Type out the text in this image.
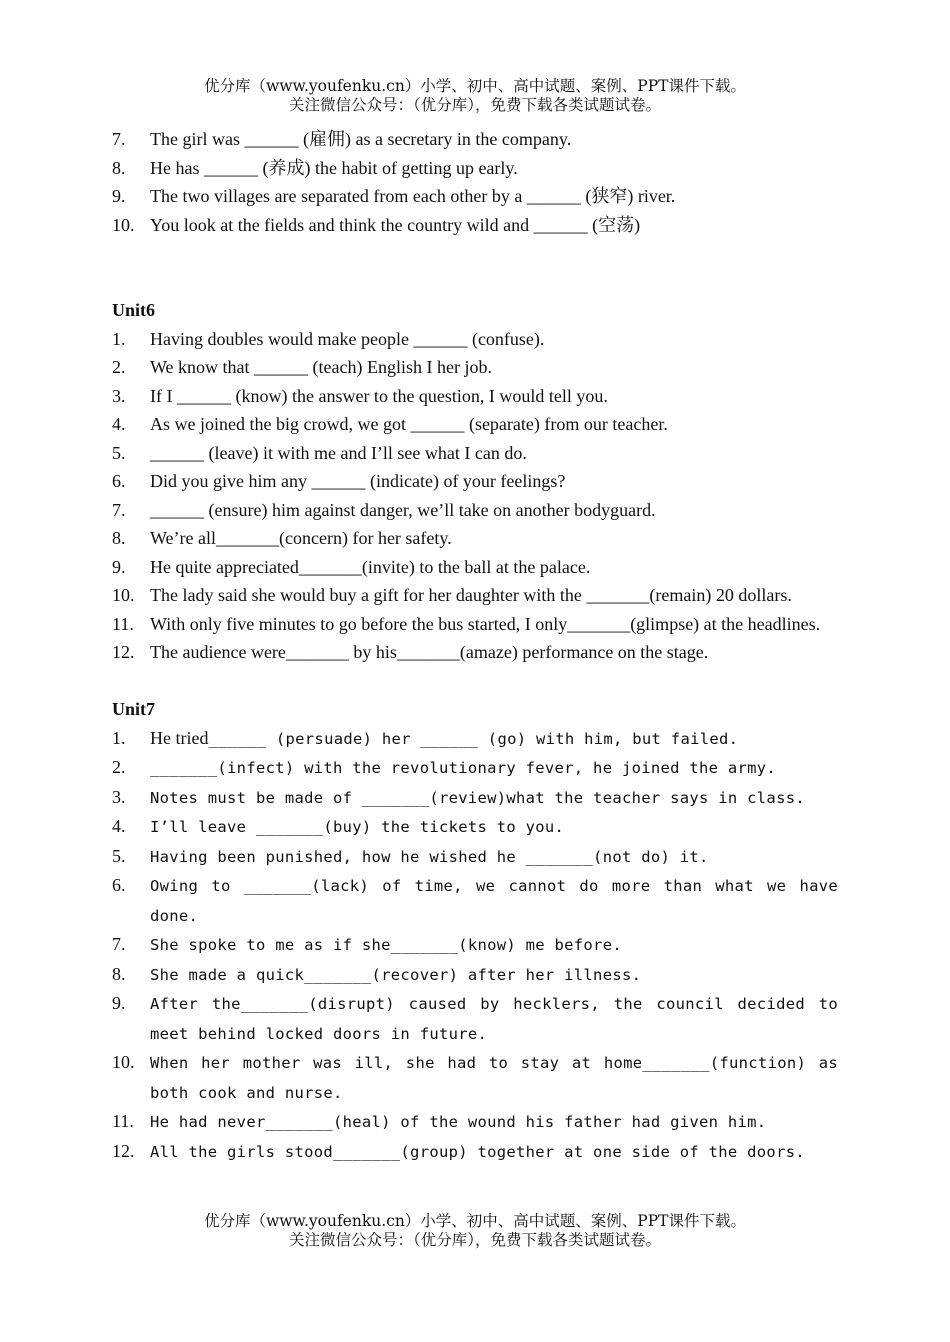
优分库（www.youfenku.cn）小学、初中、高中试题、案例、PPT课件下载。
关注微信公众号：（优分库），免费下载各类试题试卷。
7. The girl was ______ (雇佣) as a secretary in the company.
8. He has ______ (养成) the habit of getting up early.
9. The two villages are separated from each other by a ______ (狭窄) river.
10. You look at the fields and think the country wild and ______ (空荡)
Unit6
1. Having doubles would make people ______ (confuse).
2. We know that ______ (teach) English I her job.
3. If I ______ (know) the answer to the question, I would tell you.
4. As we joined the big crowd, we got ______ (separate) from our teacher.
5. ______ (leave) it with me and I’ll see what I can do.
6. Did you give him any ______ (indicate) of your feelings?
7. ______ (ensure) him against danger, we’ll take on another bodyguard.
8. We’re all_______(concern) for her safety.
9. He quite appreciated_______(invite) to the ball at the palace.
10. The lady said she would buy a gift for her daughter with the _______(remain) 20 dollars.
11. With only five minutes to go before the bus started, I only_______(glimpse) at the headlines.
12. The audience were_______ by his_______(amaze) performance on the stage.
Unit7
1. He tried______ (persuade) her ______ (go) with him, but failed.
2. _______(infect) with the revolutionary fever, he joined the army.
3. Notes must be made of _______(review)what the teacher says in class.
4. I’ll leave _______(buy) the tickets to you.
5. Having been punished, how he wished he _______(not do) it.
6. Owing to _______(lack) of time, we cannot do more than what we have done.
7. She spoke to me as if she_______(know) me before.
8. She made a quick_______(recover) after her illness.
9. After the_______(disrupt) caused by hecklers, the council decided to meet behind locked doors in future.
10. When her mother was ill, she had to stay at home_______(function) as both cook and nurse.
11. He had never_______(heal) of the wound his father had given him.
12. All the girls stood_______(group) together at one side of the doors.
优分库（www.youfenku.cn）小学、初中、高中试题、案例、PPT课件下载。
关注微信公众号：（优分库），免费下载各类试题试卷。
